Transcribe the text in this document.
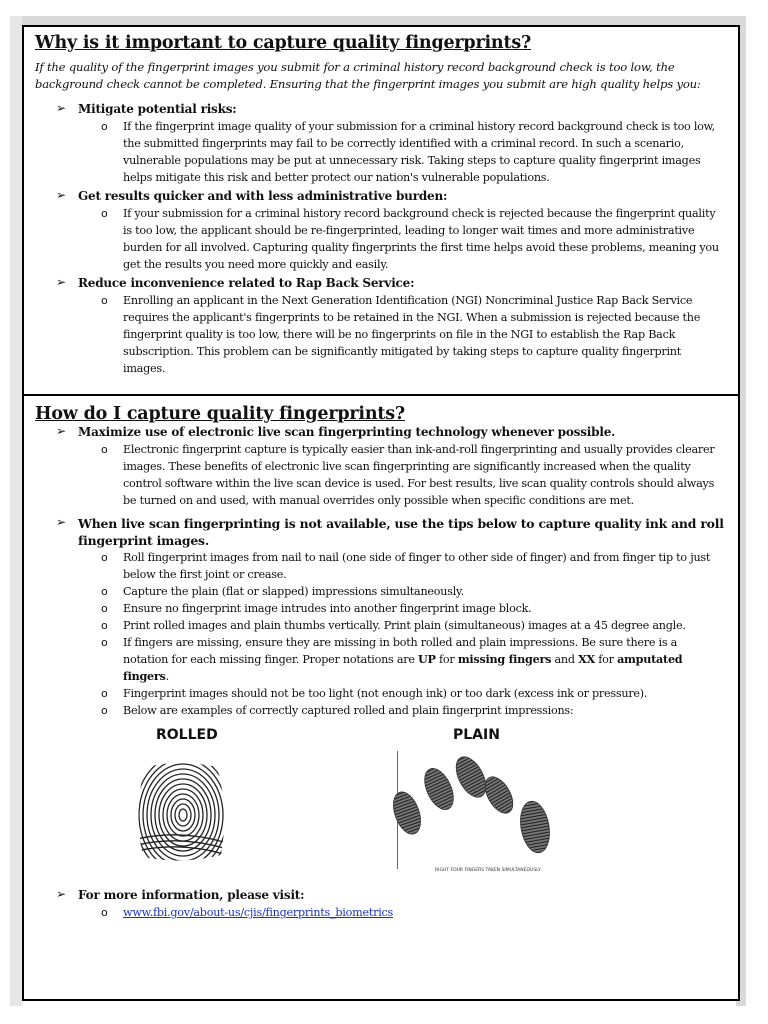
Why is it important to capture quality fingerprints?
If the quality of the fingerprint images you submit for a criminal history record background check is too low, the background check cannot be completed. Ensuring that the fingerprint images you submit are high quality helps you:
➢ Mitigate potential risks:
o If the fingerprint image quality of your submission for a criminal history record background check is too low, the submitted fingerprints may fail to be correctly identified with a criminal record. In such a scenario, vulnerable populations may be put at unnecessary risk. Taking steps to capture quality fingerprint images helps mitigate this risk and better protect our nation's vulnerable populations.
➢ Get results quicker and with less administrative burden:
o If your submission for a criminal history record background check is rejected because the fingerprint quality is too low, the applicant should be re-fingerprinted, leading to longer wait times and more administrative burden for all involved. Capturing quality fingerprints the first time helps avoid these problems, meaning you get the results you need more quickly and easily.
➢ Reduce inconvenience related to Rap Back Service:
o Enrolling an applicant in the Next Generation Identification (NGI) Noncriminal Justice Rap Back Service requires the applicant's fingerprints to be retained in the NGI. When a submission is rejected because the fingerprint quality is too low, there will be no fingerprints on file in the NGI to establish the Rap Back subscription. This problem can be significantly mitigated by taking steps to capture quality fingerprint images.
How do I capture quality fingerprints?
➢ Maximize use of electronic live scan fingerprinting technology whenever possible.
o Electronic fingerprint capture is typically easier than ink-and-roll fingerprinting and usually provides clearer images. These benefits of electronic live scan fingerprinting are significantly increased when the quality control software within the live scan device is used. For best results, live scan quality controls should always be turned on and used, with manual overrides only possible when specific conditions are met.
➢ When live scan fingerprinting is not available, use the tips below to capture quality ink and roll fingerprint images.
o Roll fingerprint images from nail to nail (one side of finger to other side of finger) and from finger tip to just below the first joint or crease.
o Capture the plain (flat or slapped) impressions simultaneously.
o Ensure no fingerprint image intrudes into another fingerprint image block.
o Print rolled images and plain thumbs vertically. Print plain (simultaneous) images at a 45 degree angle.
o If fingers are missing, ensure they are missing in both rolled and plain impressions. Be sure there is a notation for each missing finger. Proper notations are UP for missing fingers and XX for amputated fingers.
o Fingerprint images should not be too light (not enough ink) or too dark (excess ink or pressure).
o Below are examples of correctly captured rolled and plain fingerprint impressions:
ROLLED	PLAIN
RIGHT FOUR FINGERS TAKEN SIMULTANEOUSLY
➢ For more information, please visit:
o www.fbi.gov/about-us/cjis/fingerprints_biometrics
